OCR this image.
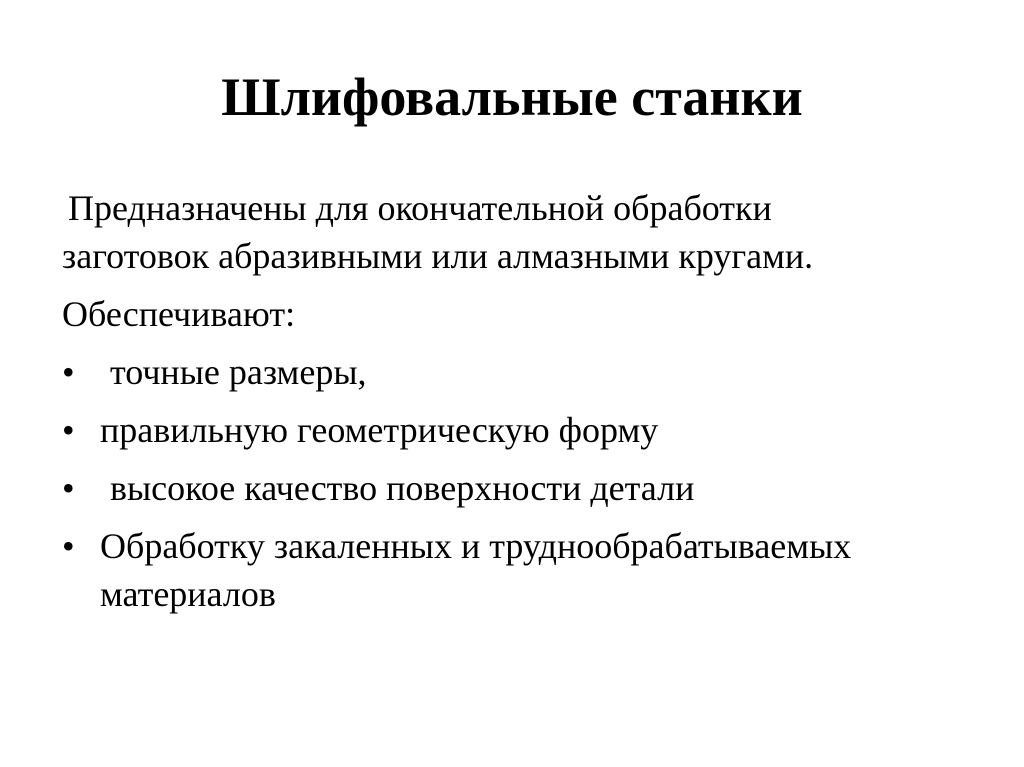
Шлифовальные станки

Предназначены для окончательной обработки
заготовок абразивными или алмазными кругами.

Обеспечивают:

• точные размеры,
• правильную геометрическую форму
• высокое качество поверхности детали
• Обработку закаленных и труднообрабатываемых материалов
